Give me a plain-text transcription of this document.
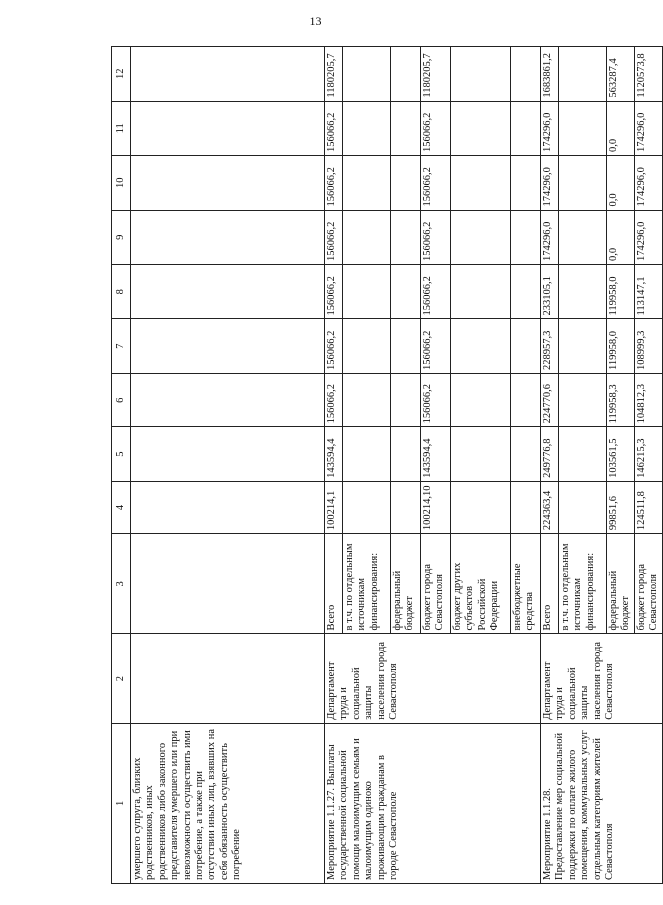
13
1	2	3	4	5	6	7	8	9	10	11	12
умершего супруга, близких родственников, иных родственников либо законного представителя умершего или при невозможности осуществить ими потребение, а также при отсутствии иных лиц, взявших на себя обязанность осуществить погребение											
Мероприятие 1.1.27. Выплаты государственной социальной помощи малоимущим семьям и малоимущим одиноко проживающим гражданам в городе Севастополе	Департамент труда и социальной защиты населения города Севастополя	Всего	100214,1	143594,4	156066,2	156066,2	156066,2	156066,2	156066,2	156066,2	1180205,7
		в т.ч. по отдельным источникам финансирования:									
		федеральный бюджет									
		бюджет города Севастополя	100214,10	143594,4	156066,2	156066,2	156066,2	156066,2	156066,2	156066,2	1180205,7
		бюджет других субъектов Российской Федерации									
		внебюджетные средства									
Мероприятие 1.1.28. Предоставление мер социальной поддержки по оплате жилого помещения, коммунальных услуг отдельным категориям жителей Севастополя	Департамент труда и социальной защиты населения города Севастополя	Всего	224363,4	249776,8	224770,6	228957,3	233105,1	174296,0	174296,0	174296,0	1683861,2
		в т.ч. по отдельным источникам финансирования:									
		федеральный бюджет	99851,6	103561,5	119958,3	119958,0	119958,0	0,0	0,0	0,0	563287,4
		бюджет города Севастополя	124511,8	146215,3	104812,3	108999,3	113147,1	174296,0	174296,0	174296,0	1120573,8
